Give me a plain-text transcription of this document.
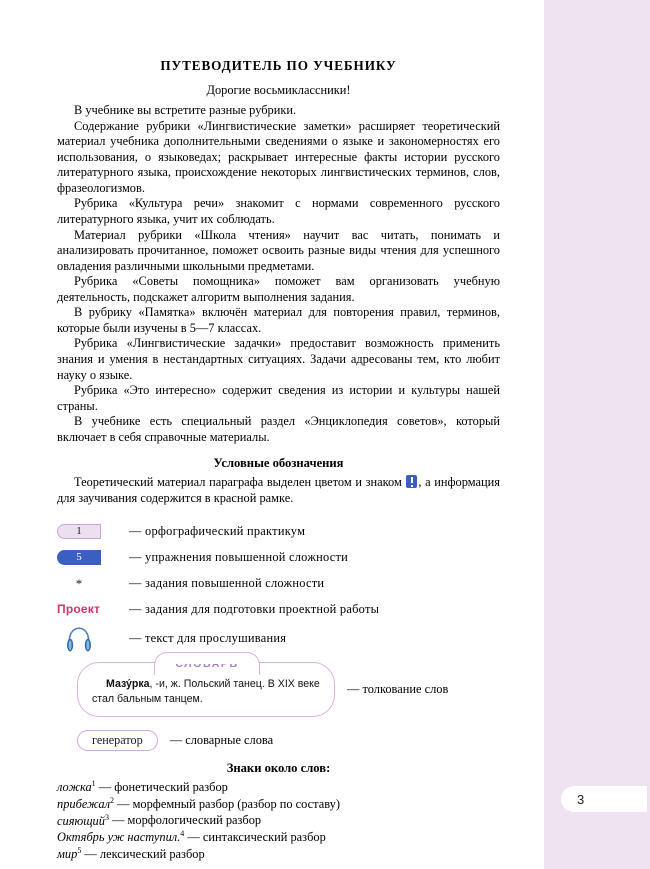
3
ПУТЕВОДИТЕЛЬ ПО УЧЕБНИКУ
Дорогие восьмиклассники!

В учебнике вы встретите разные рубрики.

Содержание рубрики «Лингвистические заметки» расширяет теоретический материал учебника дополнительными сведениями о языке и закономерностях его использования, о языковедах; раскрывает интересные факты истории русского литературного языка, происхождение некоторых лингвистических терминов, слов, фразеологизмов.

Рубрика «Культура речи» знакомит с нормами современного русского литературного языка, учит их соблюдать.

Материал рубрики «Школа чтения» научит вас читать, понимать и анализировать прочитанное, поможет освоить разные виды чтения для успешного овладения различными школьными предметами.

Рубрика «Советы помощника» поможет вам организовать учебную деятельность, подскажет алгоритм выполнения задания.

В рубрику «Памятка» включён материал для повторения правил, терминов, которые были изучены в 5—7 классах.

Рубрика «Лингвистические задачки» предоставит возможность применить знания и умения в нестандартных ситуациях. Задачи адресованы тем, кто любит науку о языке.

Рубрика «Это интересно» содержит сведения из истории и культуры нашей страны.

В учебнике есть специальный раздел «Энциклопедия советов», который включает в себя справочные материалы.

Условные обозначения

Теоретический материал параграфа выделен цветом и знаком , а информация для заучивания содержится в красной рамке.

1	— орфографический практикум
5	— упражнения повышенной сложности
*	— задания повышенной сложности
Проект	— задания для подготовки проектной работы
— текст для прослушивания
Мазу́рка, -и, ж. Польский танец. В XIX веке стал бальным танцем.
— толкование слов
генератор	— словарные слова
Знаки около слов:
ложка$^1$ — фонетический разбор
прибежал$^2$ — морфемный разбор (разбор по составу)
сияющий$^3$ — морфологический разбор
Октябрь уж наступил.$^4$ — синтаксический разбор
мир$^5$ — лексический разбор
